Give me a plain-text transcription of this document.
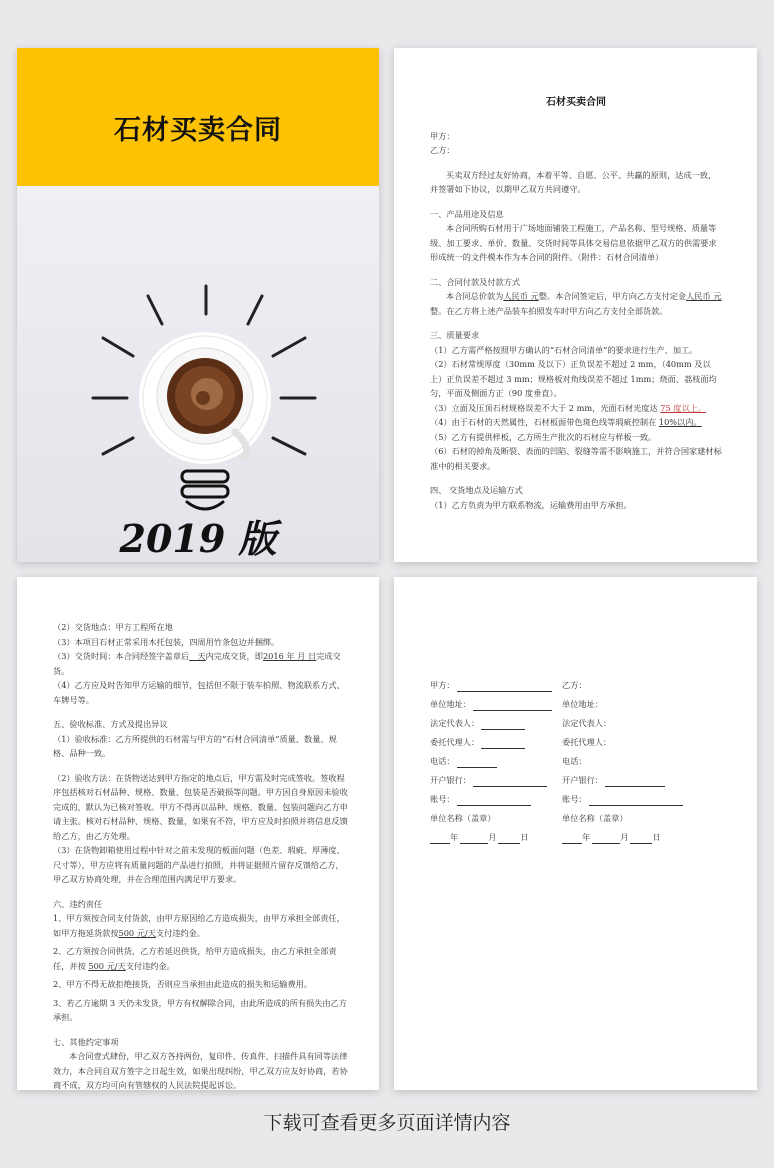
石材买卖合同
2019 版

石材买卖合同

甲方：

乙方：

买卖双方经过友好协商，本着平等、自愿、公平、共赢的原则，达成一致，并签署如下协议，以期甲乙双方共同遵守。

一、产品用途及信息

本合同所购石材用于广场地面铺装工程施工，产品名称、型号规格、质量等级、加工要求、单价、数量、交货时间等具体交易信息依据甲乙双方的供需要求形成统一的文件模本作为本合同的附件。（附件：石材合同清单）

二、合同付款及付款方式

本合同总价款为人民币 元整。本合同签定后，甲方向乙方支付定金人民币 元

整。在乙方将上述产品装车拍照发车时甲方向乙方支付全部货款。

三、质量要求

（1）乙方需严格按照甲方确认的“石材合同清单”的要求进行生产、加工。

（2）石材常规厚度（30mm 及以下）正负误差不超过 2 mm，（40mm 及以上）正负误差不超过 3 mm；规格板对角线误差不超过 1mm；烧面、荔枝面均匀，平面及侧面方正（90 度垂直）。

（3）立面及压顶石材规格误差不大于 2 mm，光面石材光度达 75 度以上。

（4）由于石材的天然属性，石材板面带色斑色线等瑕疵控制在 10%以内。

（5）乙方有提供样板，乙方所生产批次的石材应与样板一致。

（6）石材的掉角及断裂、表面的凹陷、裂缝等需不影响施工，并符合国家建材标准中的相关要求。

四、 交货地点及运输方式

（1）乙方负责为甲方联系物流，运输费用由甲方承担。

（2）交货地点：甲方工程所在地

（3）本项目石材正常采用木托包装，四周用竹条包边并捆绑。

（3）交货时间：本合同经签字盖章后__天内完成交货，即2016 年 月 日完成交货。

（4）乙方应及时告知甲方运输的细节，包括但不限于装车拍照、物流联系方式、车牌号等。

五、验收标准、方式及提出异议

（1）验收标准：乙方所提供的石材需与甲方的“石材合同清单”质量、数量、规格、品种一致。

（2）验收方法：在货物送达到甲方指定的地点后，甲方需及时完成签收。签收程序包括核对石材品种、规格、数量、包装是否破损等问题。甲方因自身原因未验收完成的，默认为已核对签收。甲方不得再以品种、规格、数量、包装问题向乙方申请主张。核对石材品种、规格、数量，如果有不符，甲方应及时拍照并将信息反馈给乙方，由乙方处理。

（3）在货物卸箱使用过程中针对之前未发现的板面问题（色差、瑕疵、厚薄度、尺寸等），甲方应将有质量问题的产品进行拍照，并将证据照片留存反馈给乙方，甲乙双方协商处理，并在合理范围内满足甲方要求。

六、违约责任

1、甲方须按合同支付货款，由甲方原因给乙方造成损失，由甲方承担全部责任，如甲方拖延货款按500 元/天支付违约金。

2、乙方须按合同供货，乙方若延迟供货，给甲方造成损失，由乙方承担全部责任，并按 500 元/天支付违约金。

2、甲方不得无故拒绝接货，否则应当承担由此造成的损失和运输费用。

3、若乙方逾期 3 天仍未发货，甲方有权解除合同，由此所造成的所有损失由乙方承担。

七、其他约定事项

本合同壹式肆份，甲乙双方各持两份，复印件、传真件、扫描件具有同等法律效力，本合同自双方签字之日起生效，如果出现纠纷，甲乙双方应友好协商，若协商不成，双方均可向有管辖权的人民法院提起诉讼。

甲方：	乙方：
单位地址：	单位地址：
法定代表人：	法定代表人：
委托代理人：	委托代理人：
电话：	电话：
开户银行：	开户银行：
账号：	账号：
单位名称（盖章）	单位名称（盖章）
年	月	日	年	月	日
下载可查看更多页面详情内容
